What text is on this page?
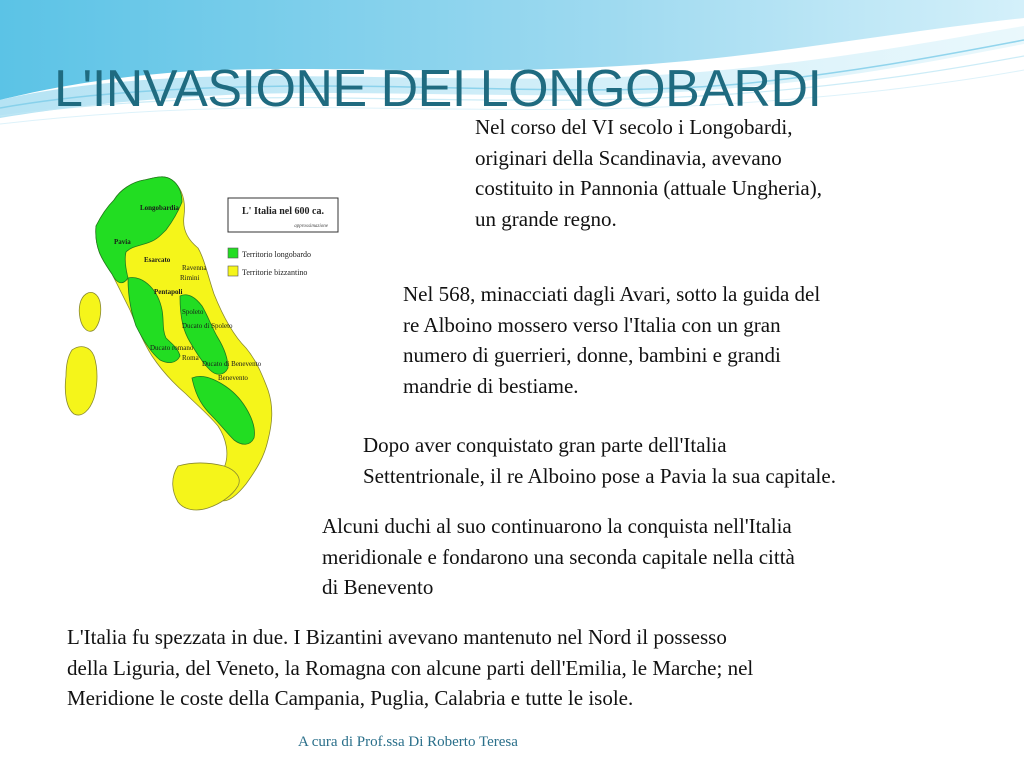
L'INVASIONE DEI LONGOBARDI
L' Italia nel 600 ca.
approssimazione
Territorio longobardo
Territorie bizzantino
Longobardia
Pavia
Esarcato
Ravenna
Rimini
Pentapoli
Spoleto
Ducato di Spoleto
Ducato romano
Roma
Ducato di Benevento
Benevento
Nel corso del VI secolo i Longobardi,
originari della Scandinavia, avevano
costituito in Pannonia (attuale Ungheria),
un grande regno.
Nel 568, minacciati dagli Avari, sotto la guida del
re Alboino mossero verso l'Italia con un gran
numero di guerrieri, donne, bambini e grandi
mandrie di bestiame.
Dopo aver conquistato gran parte dell'Italia
Settentrionale, il re Alboino pose a Pavia la sua capitale.
Alcuni duchi al suo continuarono la conquista nell'Italia
meridionale e fondarono una seconda capitale nella città
di Benevento
L'Italia fu spezzata in due. I Bizantini avevano mantenuto nel Nord il possesso
della Liguria, del Veneto, la Romagna con alcune parti dell'Emilia, le Marche; nel
Meridione le coste della Campania, Puglia, Calabria e tutte le isole.

A cura di Prof.ssa Di Roberto Teresa
